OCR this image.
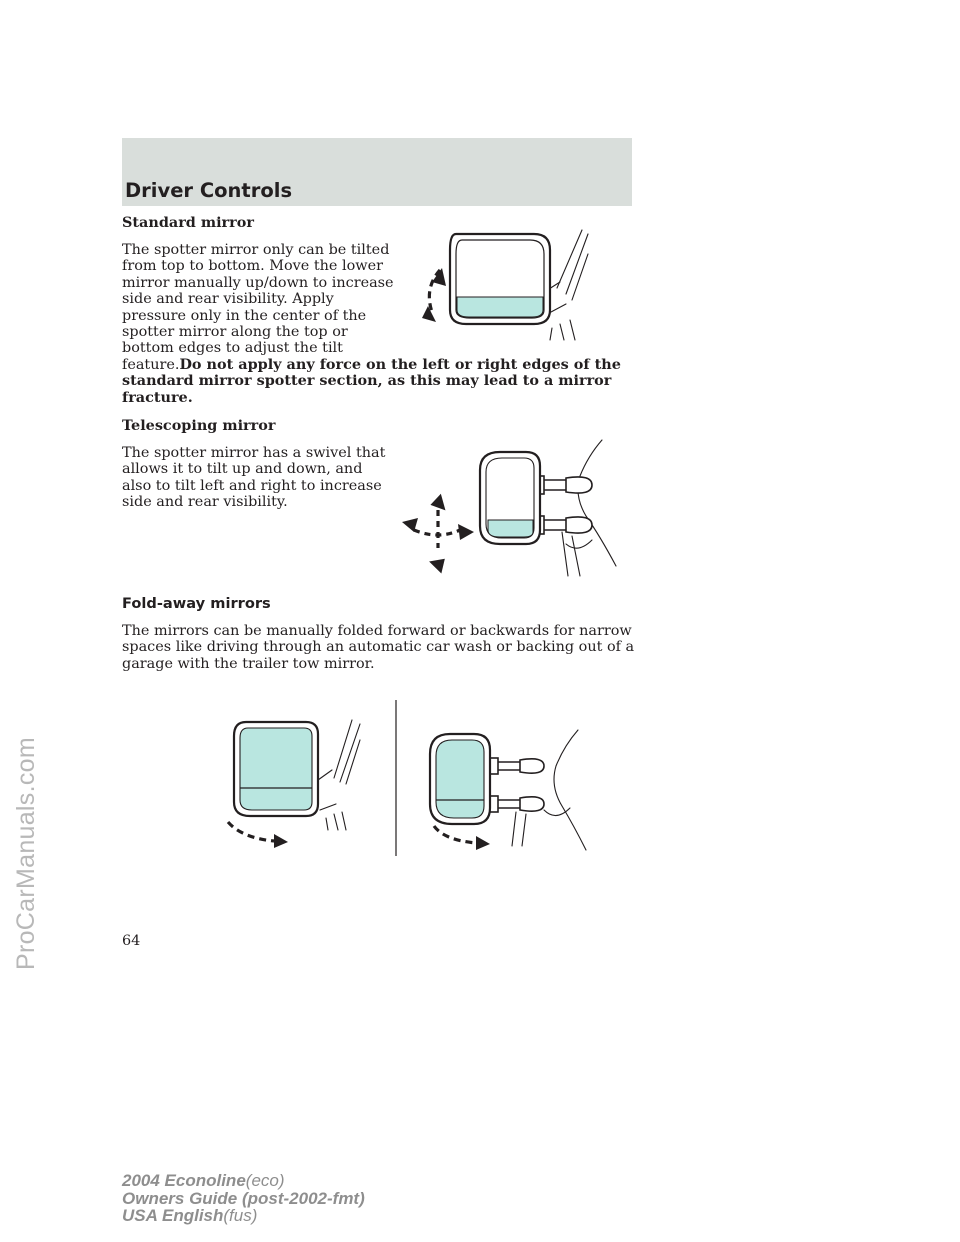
ProCarManuals.com
Driver Controls
Standard mirror
The spotter mirror only can be tilted
from top to bottom. Move the lower
mirror manually up/down to increase
side and rear visibility. Apply
pressure only in the center of the
spotter mirror along the top or
bottom edges to adjust the tilt
feature.Do not apply any force on the left or right edges of the
standard mirror spotter section, as this may lead to a mirror
fracture.
Telescoping mirror
The spotter mirror has a swivel that
allows it to tilt up and down, and
also to tilt left and right to increase
side and rear visibility.
Fold-away mirrors
The mirrors can be manually folded forward or backwards for narrow
spaces like driving through an automatic car wash or backing out of a
garage with the trailer tow mirror.
64
2004 Econoline(eco)
Owners Guide (post-2002-fmt)
USA English(fus)
